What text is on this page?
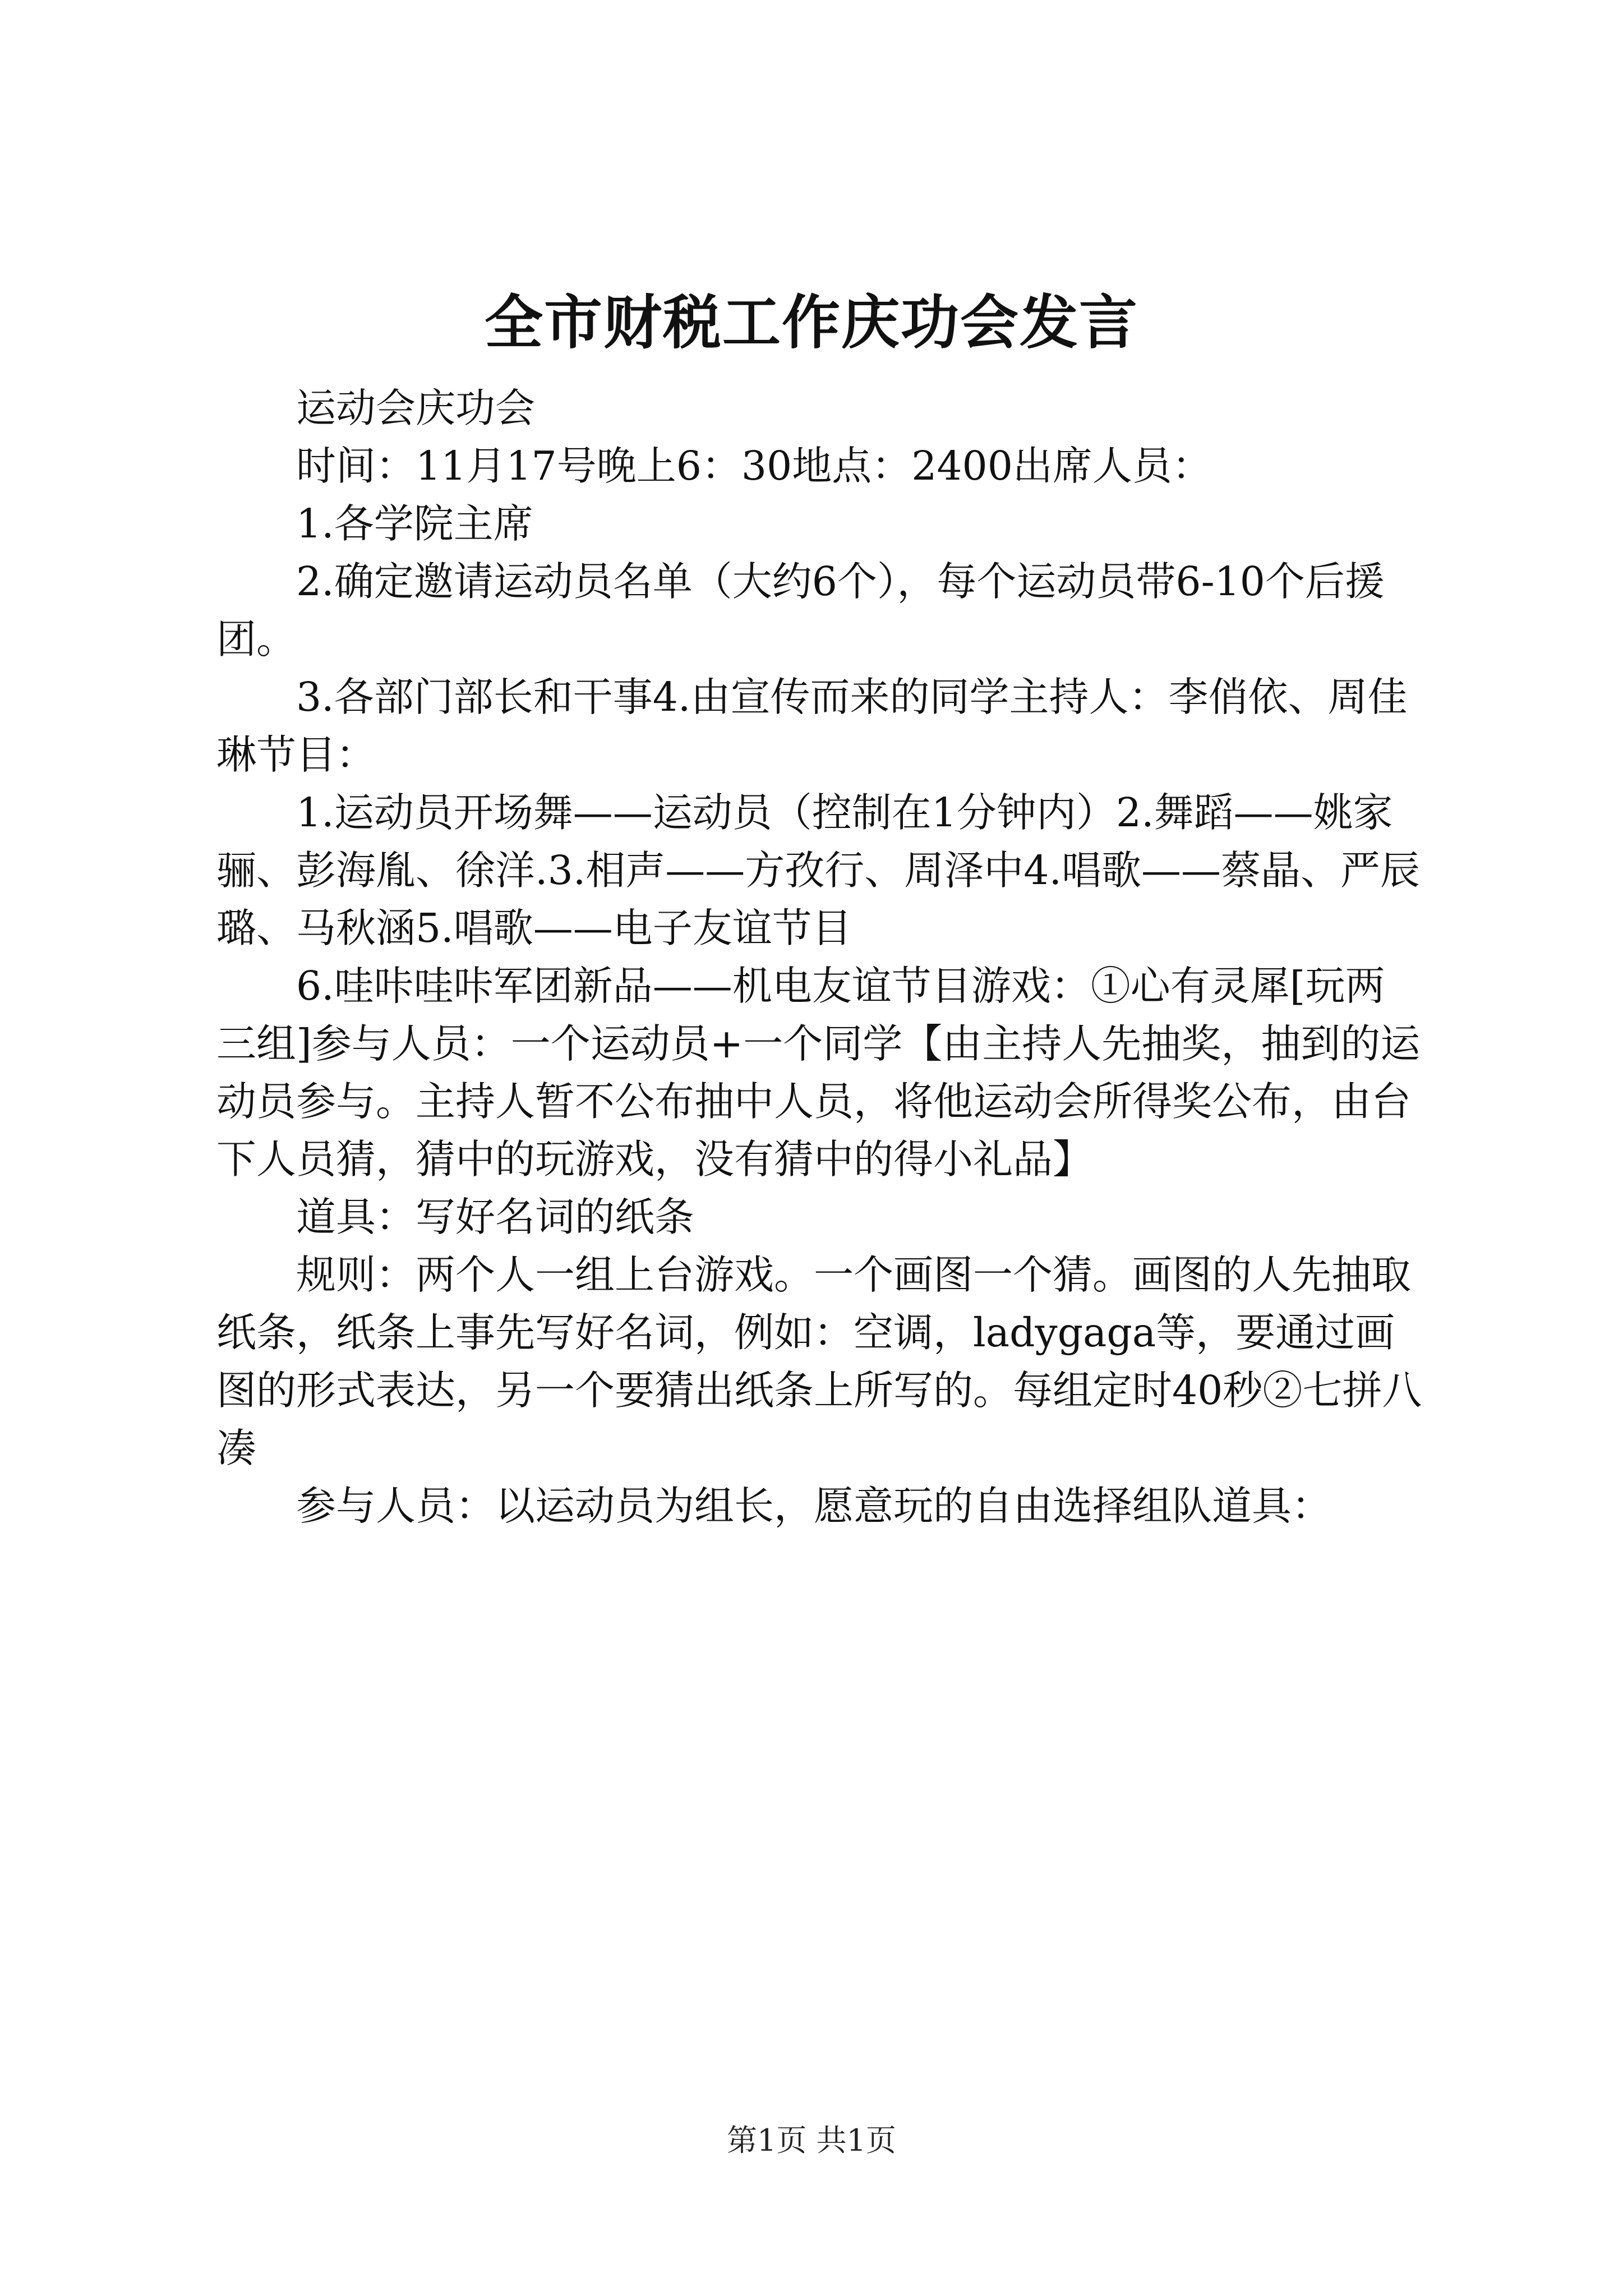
全市财税工作庆功会发言

运动会庆功会

时间：11月17号晚上6：30地点：2400出席人员：

1.各学院主席

2.确定邀请运动员名单（大约6个），每个运动员带6-10个后援团。

3.各部门部长和干事4.由宣传而来的同学主持人：李俏依、周佳琳节目：

1.运动员开场舞——运动员（控制在1分钟内）2.舞蹈——姚家骊、彭海胤、徐洋.3.相声——方孜行、周泽中4.唱歌——蔡晶、严辰璐、马秋涵5.唱歌——电子友谊节目

6.哇咔哇咔军团新品——机电友谊节目游戏：①心有灵犀[玩两三组]参与人员：一个运动员+一个同学【由主持人先抽奖，抽到的运动员参与。主持人暂不公布抽中人员，将他运动会所得奖公布，由台下人员猜，猜中的玩游戏，没有猜中的得小礼品】

道具：写好名词的纸条

规则：两个人一组上台游戏。一个画图一个猜。画图的人先抽取纸条，纸条上事先写好名词，例如：空调，ladygaga等，要通过画图的形式表达，另一个要猜出纸条上所写的。每组定时40秒②七拼八凑

参与人员：以运动员为组长，愿意玩的自由选择组队道具：

第1页 共1页
